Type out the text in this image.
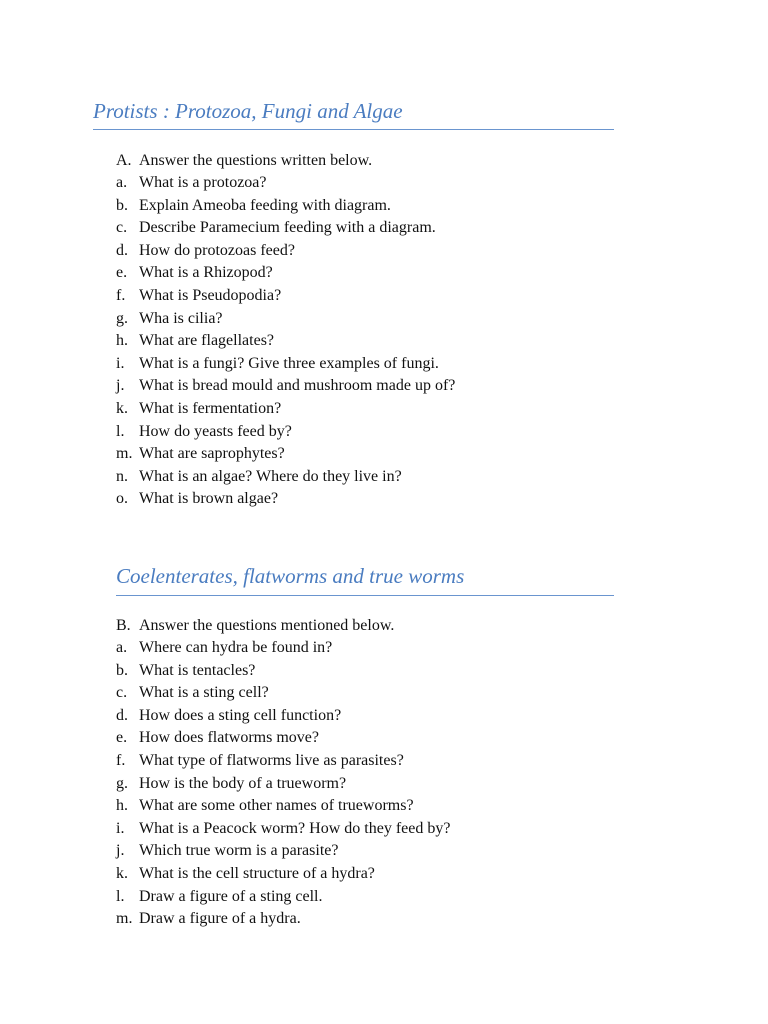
Protists : Protozoa, Fungi and Algae
A. Answer the questions written below.
a. What is a protozoa?
b. Explain Ameoba feeding with diagram.
c. Describe Paramecium feeding with a diagram.
d. How do protozoas feed?
e. What is a Rhizopod?
f. What is Pseudopodia?
g. Wha is cilia?
h. What are flagellates?
i. What is a fungi? Give three examples of fungi.
j. What is bread mould and mushroom made up of?
k. What is fermentation?
l. How do yeasts feed by?
m. What are saprophytes?
n. What is an algae? Where do they live in?
o. What is brown algae?
Coelenterates, flatworms and true worms
B. Answer the questions mentioned below.
a. Where can hydra be found in?
b. What is tentacles?
c. What is a sting cell?
d. How does a sting cell function?
e. How does flatworms move?
f. What type of flatworms live as parasites?
g. How is the body of a trueworm?
h. What are some other names of trueworms?
i. What is a Peacock worm? How do they feed by?
j. Which true worm is a parasite?
k. What is the cell structure of a hydra?
l. Draw a figure of a sting cell.
m. Draw a figure of a hydra.
